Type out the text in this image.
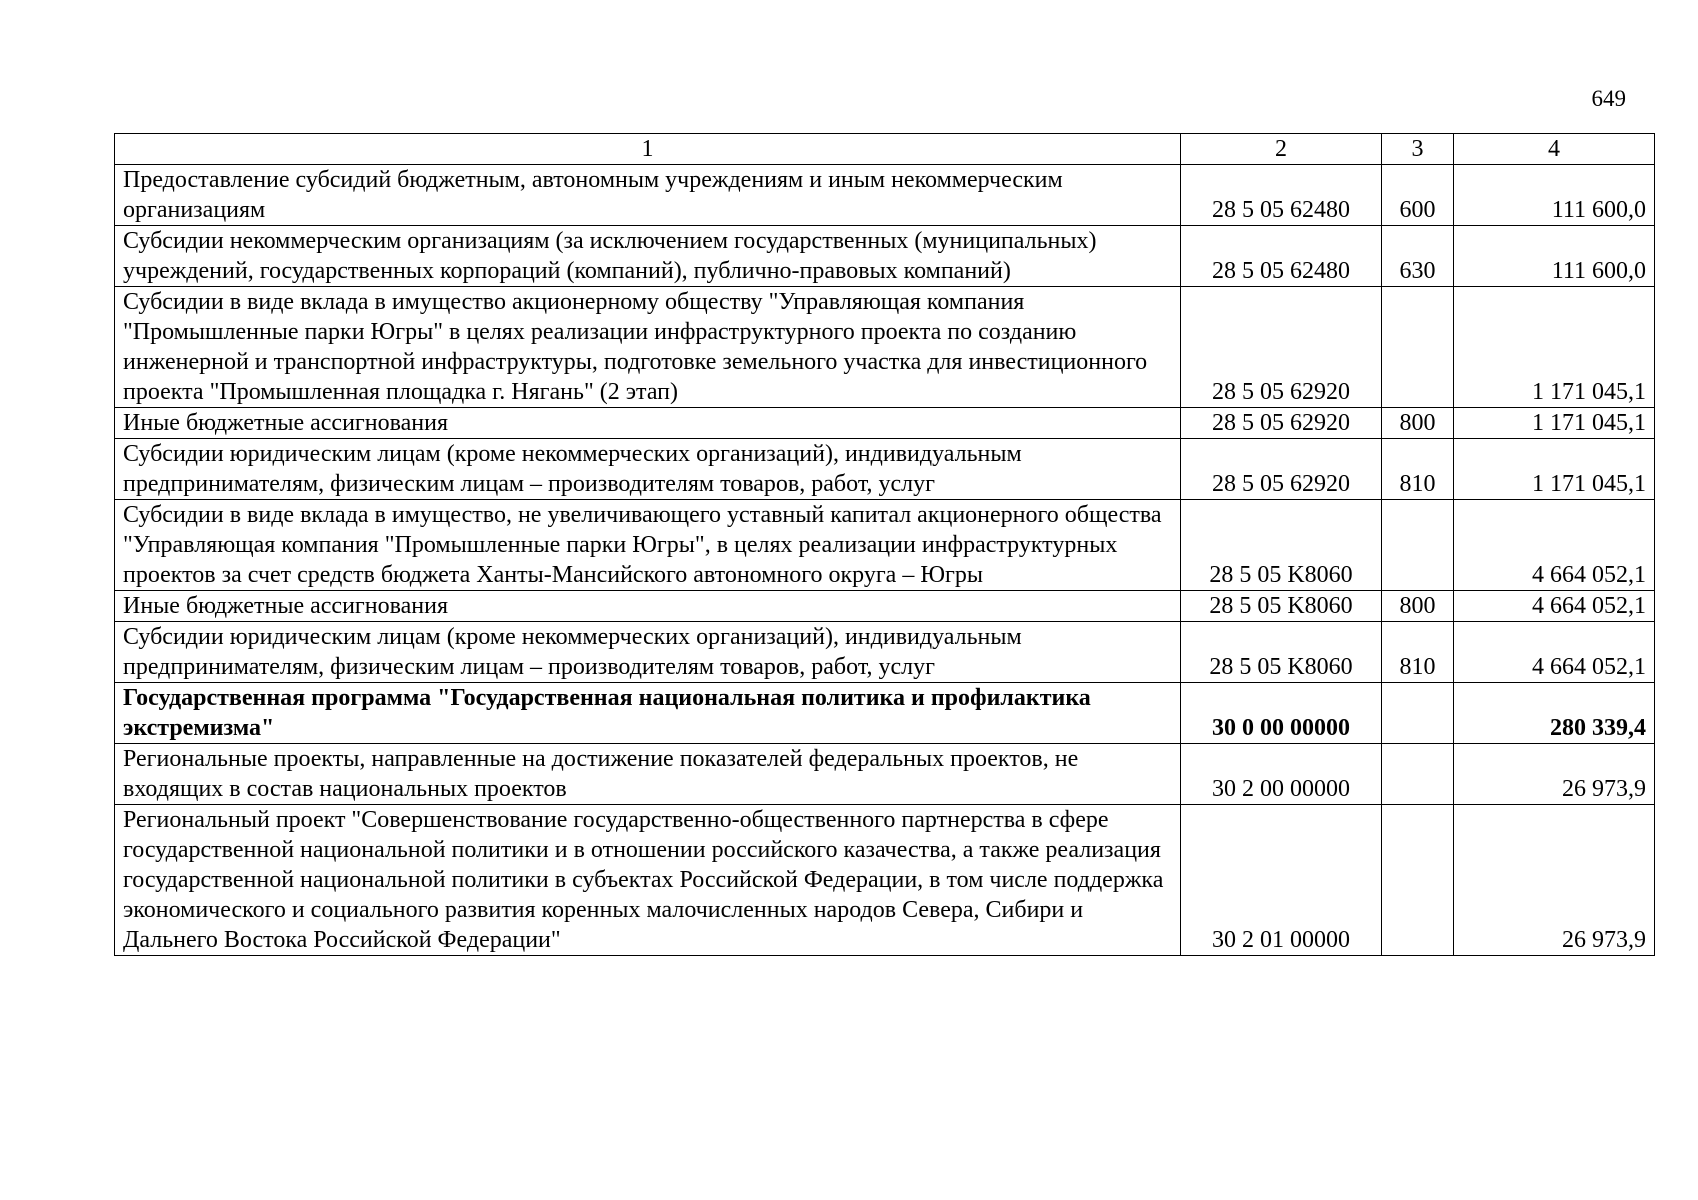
649
1	2	3	4
Предоставление субсидий бюджетным, автономным учреждениям и иным некоммерческим организациям	28 5 05 62480	600	111 600,0
Субсидии некоммерческим организациям (за исключением государственных (муниципальных) учреждений, государственных корпораций (компаний), публично-правовых компаний)	28 5 05 62480	630	111 600,0
Субсидии в виде вклада в имущество акционерному обществу "Управляющая компания "Промышленные парки Югры" в целях реализации инфраструктурного проекта по созданию инженерной и транспортной инфраструктуры, подготовке земельного участка для инвестиционного проекта "Промышленная площадка г. Нягань" (2 этап)	28 5 05 62920		1 171 045,1
Иные бюджетные ассигнования	28 5 05 62920	800	1 171 045,1
Субсидии юридическим лицам (кроме некоммерческих организаций), индивидуальным предпринимателям, физическим лицам – производителям товаров, работ, услуг	28 5 05 62920	810	1 171 045,1
Субсидии в виде вклада в имущество, не увеличивающего уставный капитал акционерного общества "Управляющая компания "Промышленные парки Югры", в целях реализации инфраструктурных проектов за счет средств бюджета Ханты-Мансийского автономного округа – Югры	28 5 05 K8060		4 664 052,1
Иные бюджетные ассигнования	28 5 05 K8060	800	4 664 052,1
Субсидии юридическим лицам (кроме некоммерческих организаций), индивидуальным предпринимателям, физическим лицам – производителям товаров, работ, услуг	28 5 05 K8060	810	4 664 052,1
Государственная программа "Государственная национальная политика и профилактика экстремизма"	30 0 00 00000		280 339,4
Региональные проекты, направленные на достижение показателей федеральных проектов, не входящих в состав национальных проектов	30 2 00 00000		26 973,9
Региональный проект "Совершенствование государственно-общественного партнерства в сфере государственной национальной политики и в отношении российского казачества, а также реализация государственной национальной политики в субъектах Российской Федерации, в том числе поддержка экономического и социального развития коренных малочисленных народов Севера, Сибири и Дальнего Востока Российской Федерации"	30 2 01 00000		26 973,9
